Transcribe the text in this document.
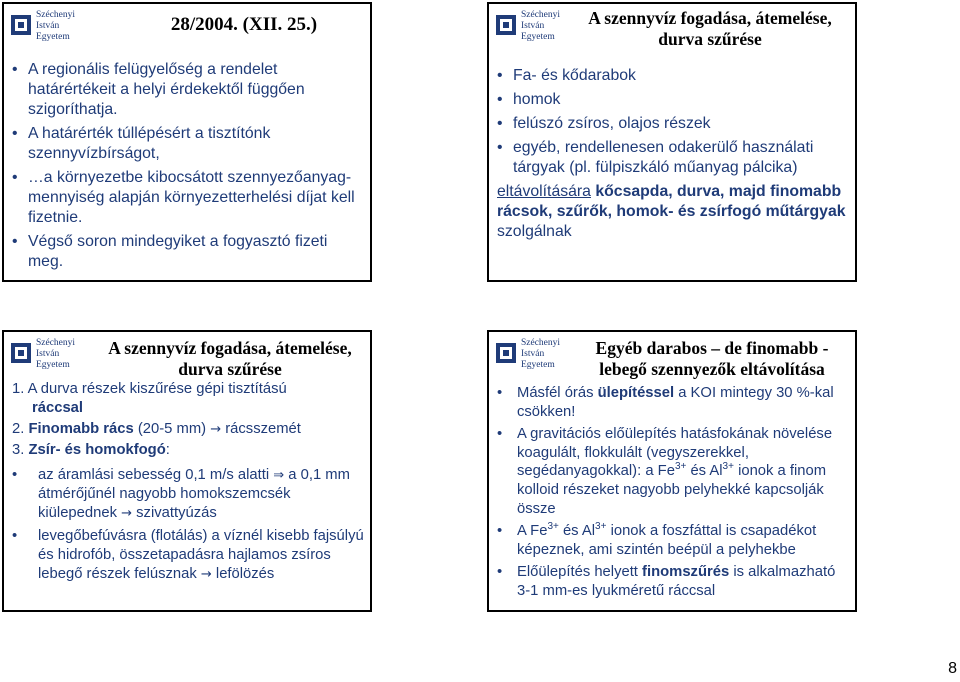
Széchenyi
István
Egyetem
28/2004. (XII. 25.)
• A regionális felügyelőség a rendelet határértékeit a helyi érdekektől függően szigoríthatja.
• A határérték túllépésért a tisztítónk szennyvízbírságot,
• …a környezetbe kibocsátott szennyezőanyag-mennyiség alapján környezetterhelési díjat kell fizetnie.
• Végső soron mindegyiket a fogyasztó fizeti meg.
Széchenyi
István
Egyetem
A szennyvíz fogadása, átemelése,
durva szűrése
• Fa- és kődarabok
• homok
• felúszó zsíros, olajos részek
• egyéb, rendellenesen odakerülő használati tárgyak (pl. fülpiszkáló műanyag pálcika)
eltávolítására kőcsapda, durva, majd finomabb rácsok, szűrők, homok- és zsírfogó műtárgyak szolgálnak
Széchenyi
István
Egyetem
A szennyvíz fogadása, átemelése,
durva szűrése
1. A durva részek kiszűrése gépi tisztítású
ráccsal
2. Finomabb rács (20-5 mm) → rácsszemét
3. Zsír- és homokfogó:
• az áramlási sebesség 0,1 m/s alatti ⇒ a 0,1 mm átmérőjűnél nagyobb homokszemcsék kiülepednek → szivattyúzás
• levegőbefúvásra (flotálás) a víznél kisebb fajsúlyú és hidrofób, összetapadásra hajlamos zsíros lebegő részek felúsznak → lefölözés
Széchenyi
István
Egyetem
Egyéb darabos – de finomabb -
lebegő szennyezők eltávolítása
• Másfél órás ülepítéssel a KOI mintegy 30 %-kal csökken!
• A gravitációs előülepítés hatásfokának növelése koagulált, flokkulált (vegyszerekkel, segédanyagokkal): a $Fe^{3+}$ és $Al^{3+}$ ionok a finom kolloid részeket nagyobb pelyhekké kapcsolják össze
• A $Fe^{3+}$ és $Al^{3+}$ ionok a foszfáttal is csapadékot képeznek, ami szintén beépül a pelyhekbe
• Előülepítés helyett finomszűrés is alkalmazható 3-1 mm-es lyukméretű ráccsal
8
